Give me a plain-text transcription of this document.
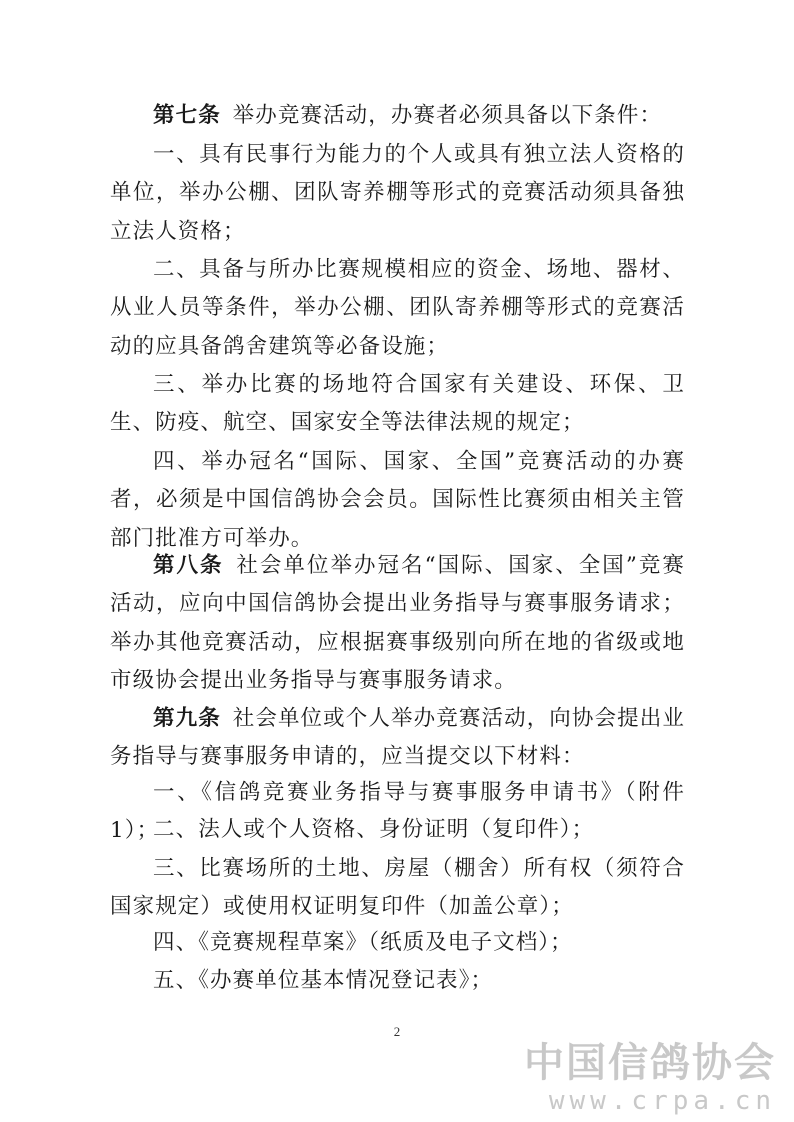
第七条  举办竞赛活动，办赛者必须具备以下条件：

一、具有民事行为能力的个人或具有独立法人资格的单位，举办公棚、团队寄养棚等形式的竞赛活动须具备独立法人资格；

二、具备与所办比赛规模相应的资金、场地、器材、从业人员等条件，举办公棚、团队寄养棚等形式的竞赛活动的应具备鸽舍建筑等必备设施；

三、举办比赛的场地符合国家有关建设、环保、卫生、防疫、航空、国家安全等法律法规的规定；

四、举办冠名“国际、国家、全国”竞赛活动的办赛者，必须是中国信鸽协会会员。国际性比赛须由相关主管部门批准方可举办。

第八条  社会单位举办冠名“国际、国家、全国”竞赛活动，应向中国信鸽协会提出业务指导与赛事服务请求；举办其他竞赛活动，应根据赛事级别向所在地的省级或地市级协会提出业务指导与赛事服务请求。

第九条  社会单位或个人举办竞赛活动，向协会提出业务指导与赛事服务申请的，应当提交以下材料：

一、《信鸽竞赛业务指导与赛事服务申请书》（附件 1）；

二、法人或个人资格、身份证明（复印件）；

三、比赛场所的土地、房屋（棚舍）所有权（须符合国家规定）或使用权证明复印件（加盖公章）；

四、《竞赛规程草案》（纸质及电子文档）；

五、《办赛单位基本情况登记表》；

2
中国信鸽协会
www.crpa.cn
